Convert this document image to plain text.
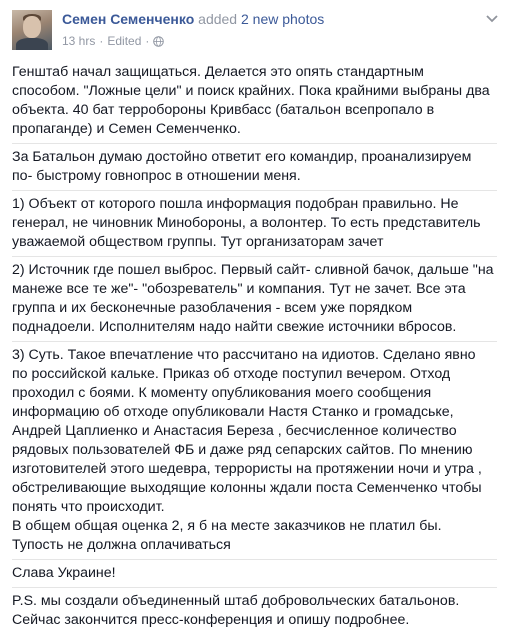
Семен Семенченко added 2 new photos
13 hrs · Edited ·

Генштаб начал защищаться. Делается это опять стандартным

способом. "Ложные цели" и поиск крайних. Пока крайними выбраны два

объекта. 40 бат терробороны Кривбасс (батальон всепропало в

пропаганде) и Семен Семенченко.

За Батальон думаю достойно ответит его командир, проанализируем

по- быстрому говнопрос в отношении меня.

1) Объект от которого пошла информация подобран правильно. Не

генерал, не чиновник Минобороны, а волонтер. То есть представитель

уважаемой обществом группы. Тут организаторам зачет

2) Источник где пошел выброс. Первый сайт- сливной бачок, дальше "на

манеже все те же"- "обозреватель" и компания. Тут не зачет. Все эта

группа и их бесконечные разоблачения - всем уже порядком

поднадоели. Исполнителям надо найти свежие источники вбросов.

3) Суть. Такое впечатление что рассчитано на идиотов. Сделано явно

по российской кальке. Приказ об отходе поступил вечером. Отход

проходил с боями. К моменту опубликования моего сообщения

информацию об отходе опубликовали Настя Станко и громадське,

Андрей Цаплиенко и Анастасия Береза , бесчисленное количество

рядовых пользователей ФБ и даже ряд сепарских сайтов. По мнению

изготовителей этого шедевра, террористы на протяжении ночи и утра ,

обстреливающие выходящие колонны ждали поста Семенченко чтобы

понять что происходит.

В общем общая оценка 2, я б на месте заказчиков не платил бы.

Тупость не должна оплачиваться

Слава Украине!

P.S. мы создали объединенный штаб добровольческих батальонов.

Сейчас закончится пресс-конференция и опишу подробнее.
